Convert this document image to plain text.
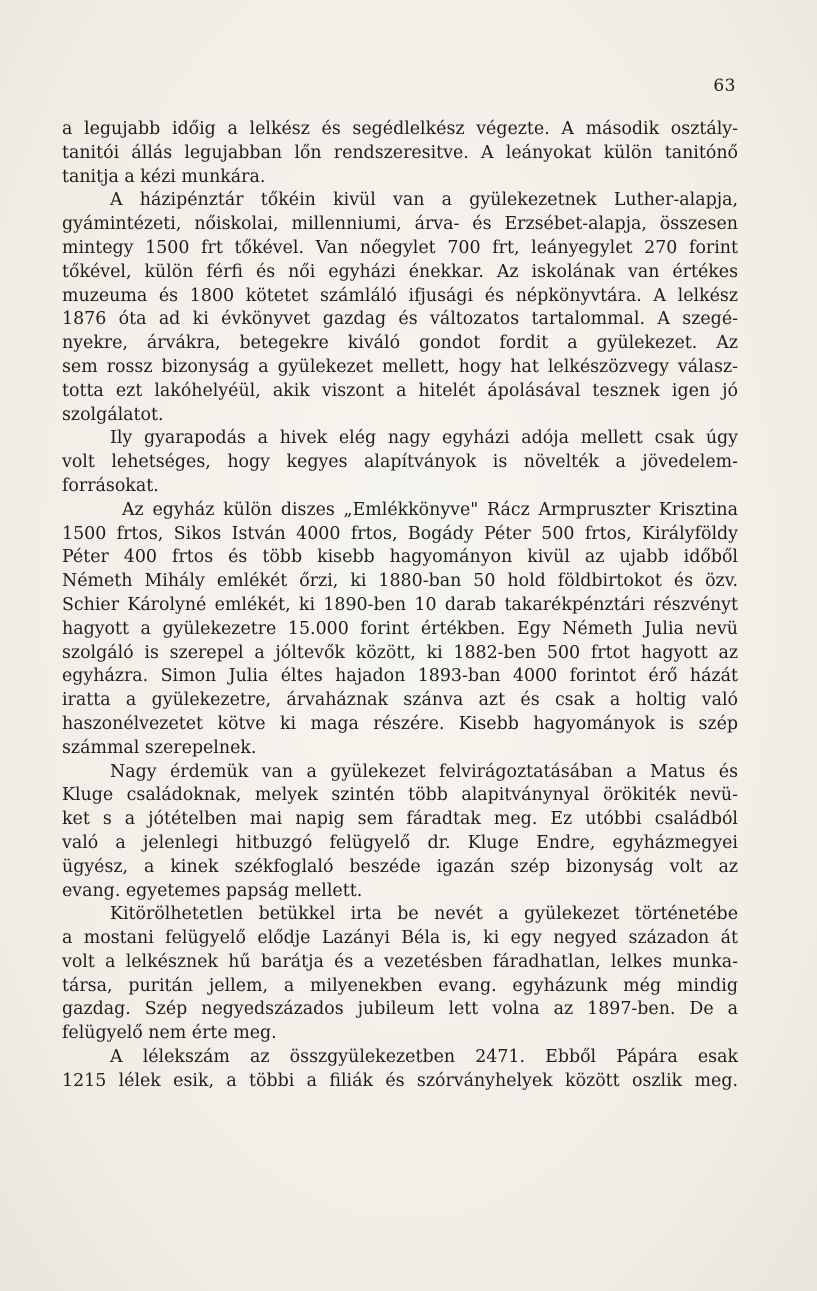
63
a legujabb időig a lelkész és segédlelkész végezte. A második osztály-
tanitói állás legujabban lőn rendszeresitve. A leányokat külön tanitónő
tanitja a kézi munkára.
A házipénztár tőkéin kivül van a gyülekezetnek Luther-alapja,
gyámintézeti, nőiskolai, millenniumi, árva- és Erzsébet-alapja, összesen
mintegy 1500 frt tőkével. Van nőegylet 700 frt, leányegylet 270 forint
tőkével, külön férfi és női egyházi énekkar. Az iskolának van értékes
muzeuma és 1800 kötetet számláló ifjusági és népkönyvtára. A lelkész
1876 óta ad ki évkönyvet gazdag és változatos tartalommal. A szegé-
nyekre, árvákra, betegekre kiváló gondot fordit a gyülekezet. Az
sem rossz bizonyság a gyülekezet mellett, hogy hat lelkészözvegy válasz-
totta ezt lakóhelyéül, akik viszont a hitelét ápolásával tesznek igen jó
szolgálatot.
Ily gyarapodás a hivek elég nagy egyházi adója mellett csak úgy
volt lehetséges, hogy kegyes alapítványok is növelték a jövedelem-
forrásokat.
Az egyház külön diszes „Emlékkönyve" Rácz Armpruszter Krisztina
1500 frtos, Sikos István 4000 frtos, Bogády Péter 500 frtos, Királyföldy
Péter 400 frtos és több kisebb hagyományon kivül az ujabb időből
Németh Mihály emlékét őrzi, ki 1880-ban 50 hold földbirtokot és özv.
Schier Károlyné emlékét, ki 1890-ben 10 darab takarékpénztári részvényt
hagyott a gyülekezetre 15.000 forint értékben. Egy Németh Julia nevü
szolgáló is szerepel a jóltevők között, ki 1882-ben 500 frtot hagyott az
egyházra. Simon Julia éltes hajadon 1893-ban 4000 forintot érő házát
iratta a gyülekezetre, árvaháznak szánva azt és csak a holtig való
haszonélvezetet kötve ki maga részére. Kisebb hagyományok is szép
számmal szerepelnek.
Nagy érdemük van a gyülekezet felvirágoztatásában a Matus és
Kluge családoknak, melyek szintén több alapitványnyal örökiték nevü-
ket s a jótételben mai napig sem fáradtak meg. Ez utóbbi családból
való a jelenlegi hitbuzgó felügyelő dr. Kluge Endre, egyházmegyei
ügyész, a kinek székfoglaló beszéde igazán szép bizonyság volt az
evang. egyetemes papság mellett.
Kitörölhetetlen betükkel irta be nevét a gyülekezet történetébe
a mostani felügyelő elődje Lazányi Béla is, ki egy negyed századon át
volt a lelkésznek hű barátja és a vezetésben fáradhatlan, lelkes munka-
társa, puritán jellem, a milyenekben evang. egyházunk még mindig
gazdag. Szép negyedszázados jubileum lett volna az 1897-ben. De a
felügyelő nem érte meg.
A lélekszám az összgyülekezetben 2471. Ebből Pápára esak
1215 lélek esik, a többi a filiák és szórványhelyek között oszlik meg.
